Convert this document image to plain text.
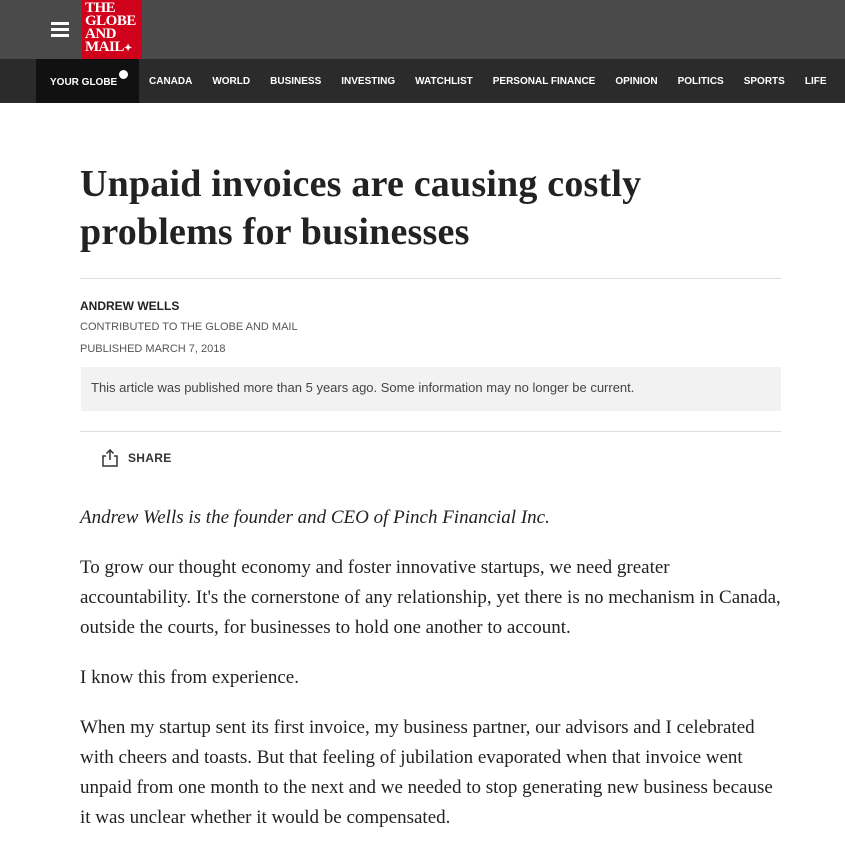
THE
GLOBE
AND
MAIL✦
YOUR GLOBE	CANADA WORLD BUSINESS INVESTING WATCHLIST PERSONAL FINANCE OPINION POLITICS SPORTS LIFE
Unpaid invoices are causing costly problems for businesses
ANDREW WELLS
CONTRIBUTED TO THE GLOBE AND MAIL
PUBLISHED MARCH 7, 2018
This article was published more than 5 years ago. Some information may no longer be current.
SHARE

Andrew Wells is the founder and CEO of Pinch Financial Inc.

To grow our thought economy and foster innovative startups, we need greater accountability. It's the cornerstone of any relationship, yet there is no mechanism in Canada, outside the courts, for businesses to hold one another to account.

I know this from experience.

When my startup sent its first invoice, my business partner, our advisors and I celebrated with cheers and toasts. But that feeling of jubilation evaporated when that invoice went unpaid from one month to the next and we needed to stop generating new business because it was unclear whether it would be compensated.
